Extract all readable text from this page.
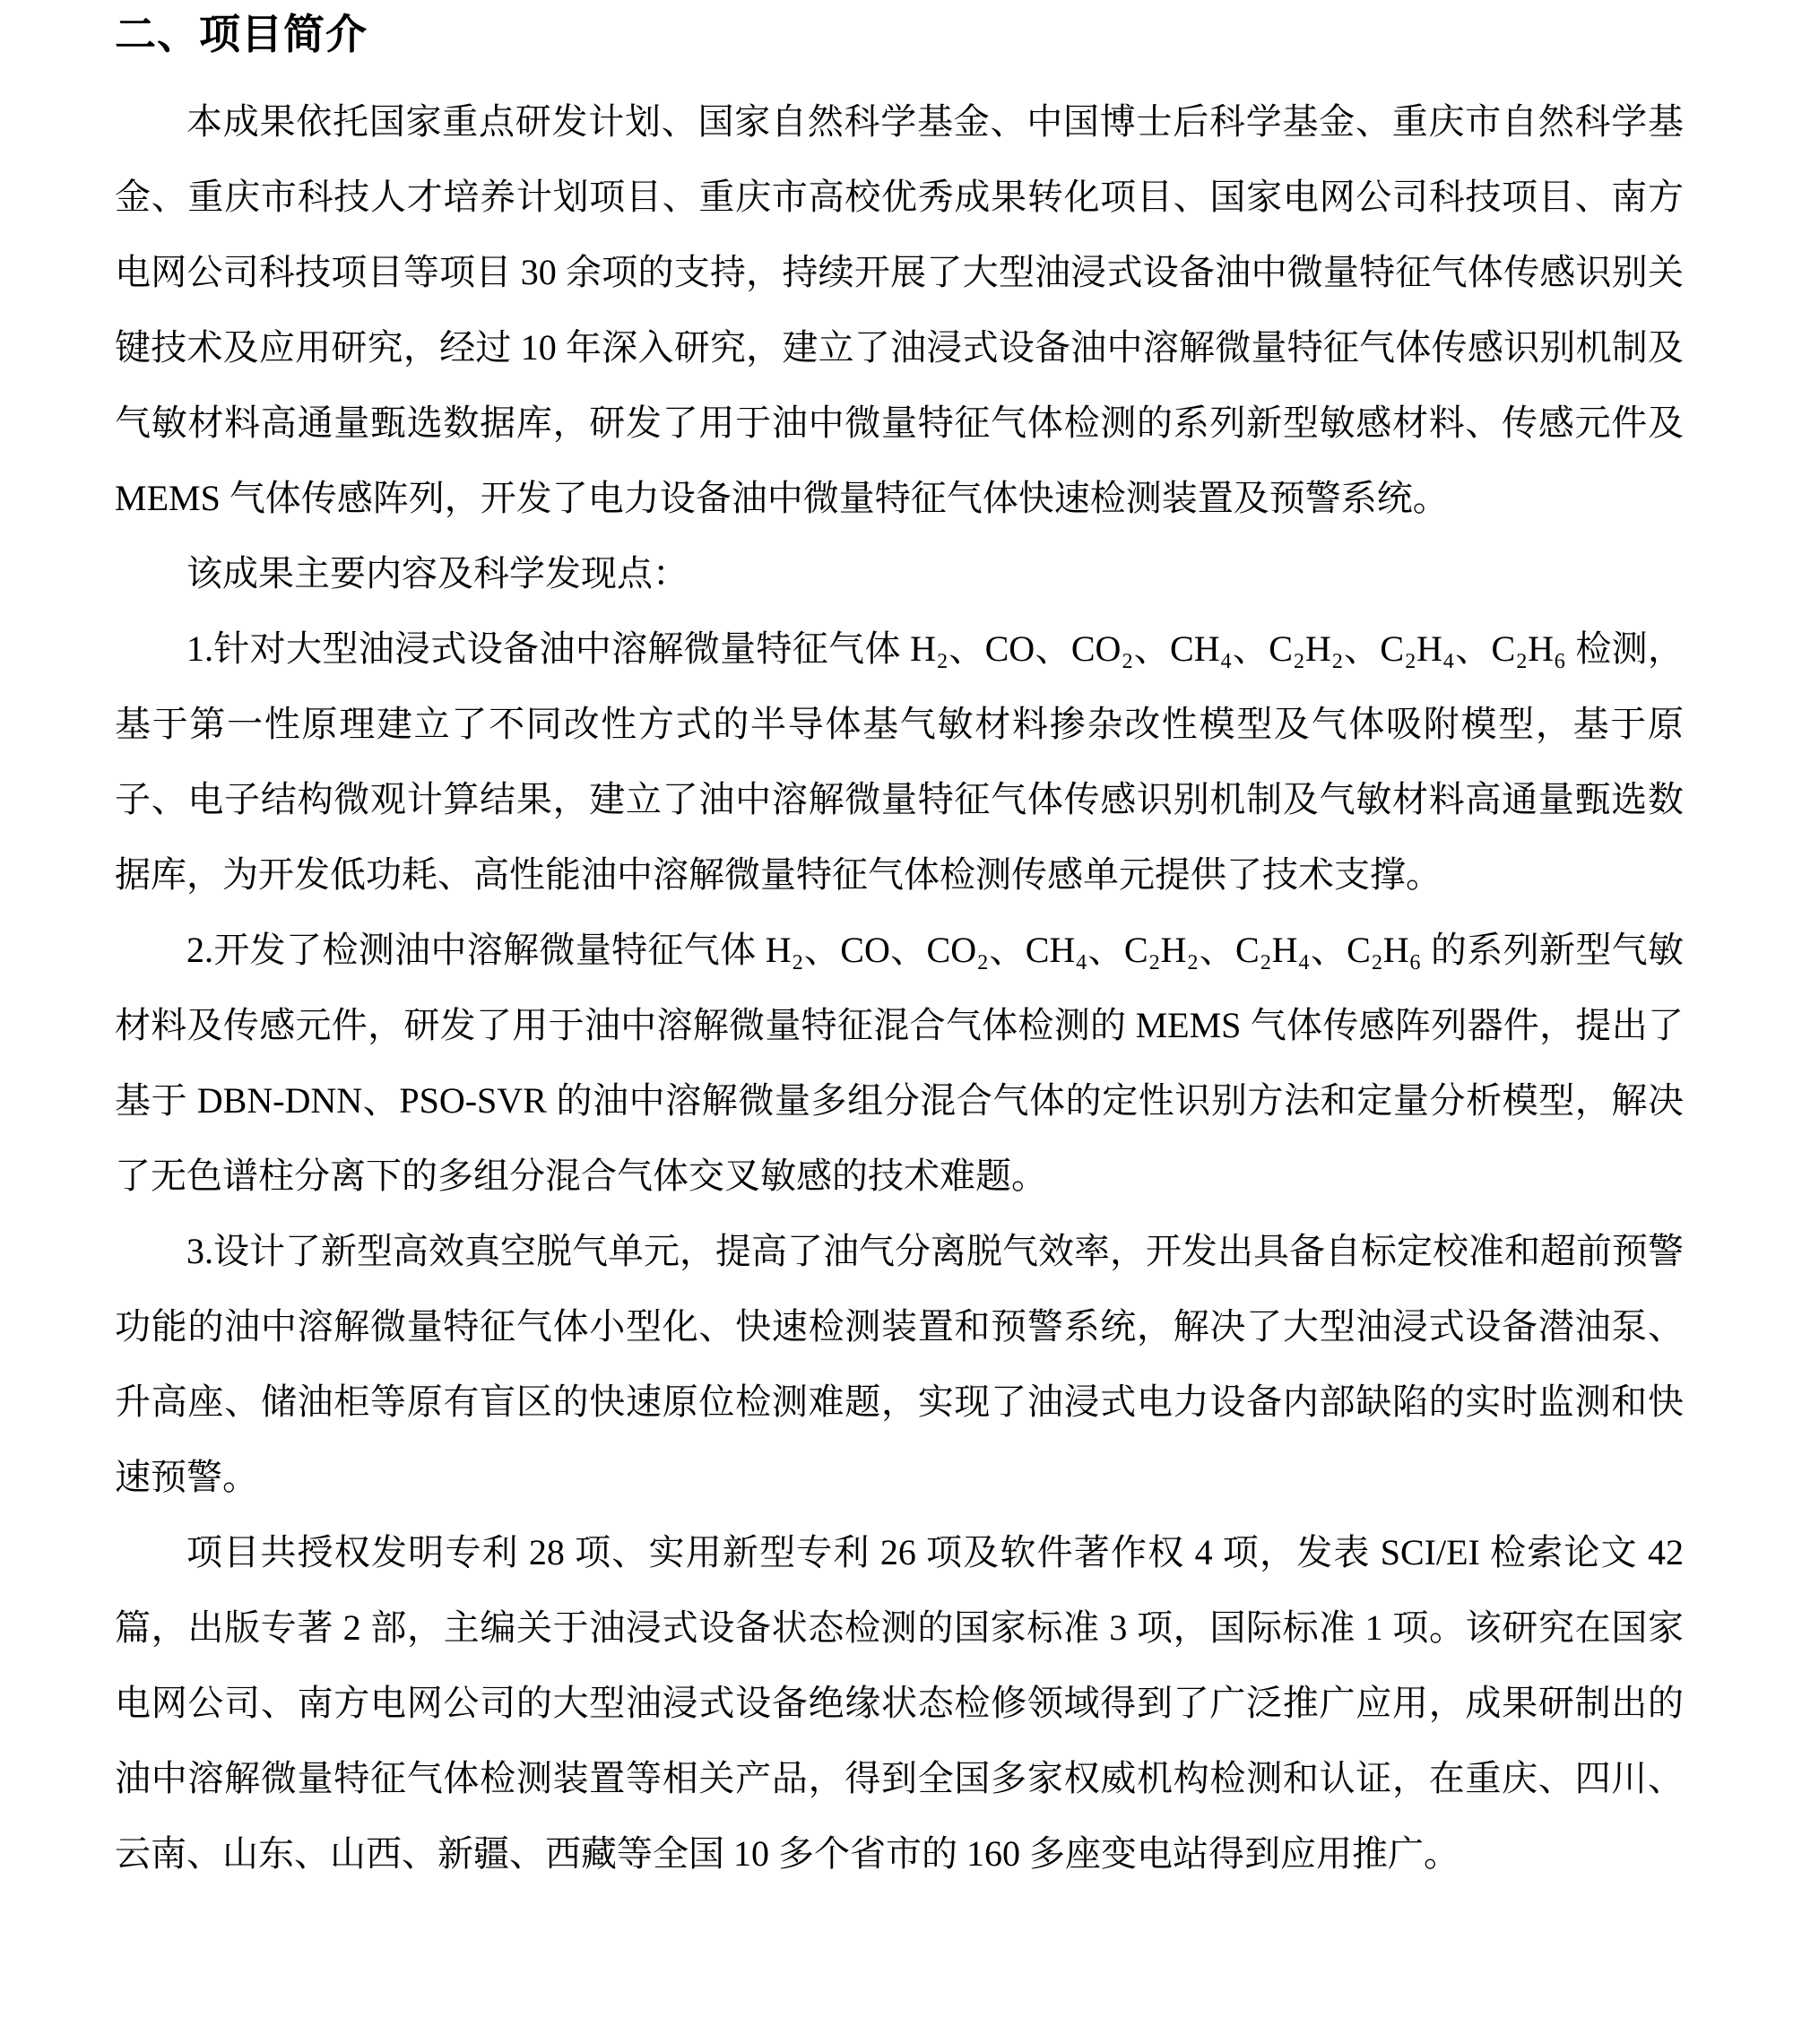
二、项目简介

本成果依托国家重点研发计划、国家自然科学基金、中国博士后科学基金、重庆市自然科学基金、重庆市科技人才培养计划项目、重庆市高校优秀成果转化项目、国家电网公司科技项目、南方电网公司科技项目等项目 30 余项的支持，持续开展了大型油浸式设备油中微量特征气体传感识别关键技术及应用研究，经过 10 年深入研究，建立了油浸式设备油中溶解微量特征气体传感识别机制及气敏材料高通量甄选数据库，研发了用于油中微量特征气体检测的系列新型敏感材料、传感元件及 MEMS 气体传感阵列，开发了电力设备油中微量特征气体快速检测装置及预警系统。

该成果主要内容及科学发现点：

1.针对大型油浸式设备油中溶解微量特征气体 H₂、CO、CO₂、CH₄、C₂H₂、C₂H₄、C₂H₆ 检测，基于第一性原理建立了不同改性方式的半导体基气敏材料掺杂改性模型及气体吸附模型，基于原子、电子结构微观计算结果，建立了油中溶解微量特征气体传感识别机制及气敏材料高通量甄选数据库，为开发低功耗、高性能油中溶解微量特征气体检测传感单元提供了技术支撑。

2.开发了检测油中溶解微量特征气体 H₂、CO、CO₂、CH₄、C₂H₂、C₂H₄、C₂H₆ 的系列新型气敏材料及传感元件，研发了用于油中溶解微量特征混合气体检测的 MEMS 气体传感阵列器件，提出了基于 DBN-DNN、PSO-SVR 的油中溶解微量多组分混合气体的定性识别方法和定量分析模型，解决了无色谱柱分离下的多组分混合气体交叉敏感的技术难题。

3.设计了新型高效真空脱气单元，提高了油气分离脱气效率，开发出具备自标定校准和超前预警功能的油中溶解微量特征气体小型化、快速检测装置和预警系统，解决了大型油浸式设备潜油泵、升高座、储油柜等原有盲区的快速原位检测难题，实现了油浸式电力设备内部缺陷的实时监测和快速预警。

项目共授权发明专利 28 项、实用新型专利 26 项及软件著作权 4 项，发表 SCI/EI 检索论文 42 篇，出版专著 2 部，主编关于油浸式设备状态检测的国家标准 3 项，国际标准 1 项。该研究在国家电网公司、南方电网公司的大型油浸式设备绝缘状态检修领域得到了广泛推广应用，成果研制出的油中溶解微量特征气体检测装置等相关产品，得到全国多家权威机构检测和认证，在重庆、四川、云南、山东、山西、新疆、西藏等全国 10 多个省市的 160 多座变电站得到应用推广。
